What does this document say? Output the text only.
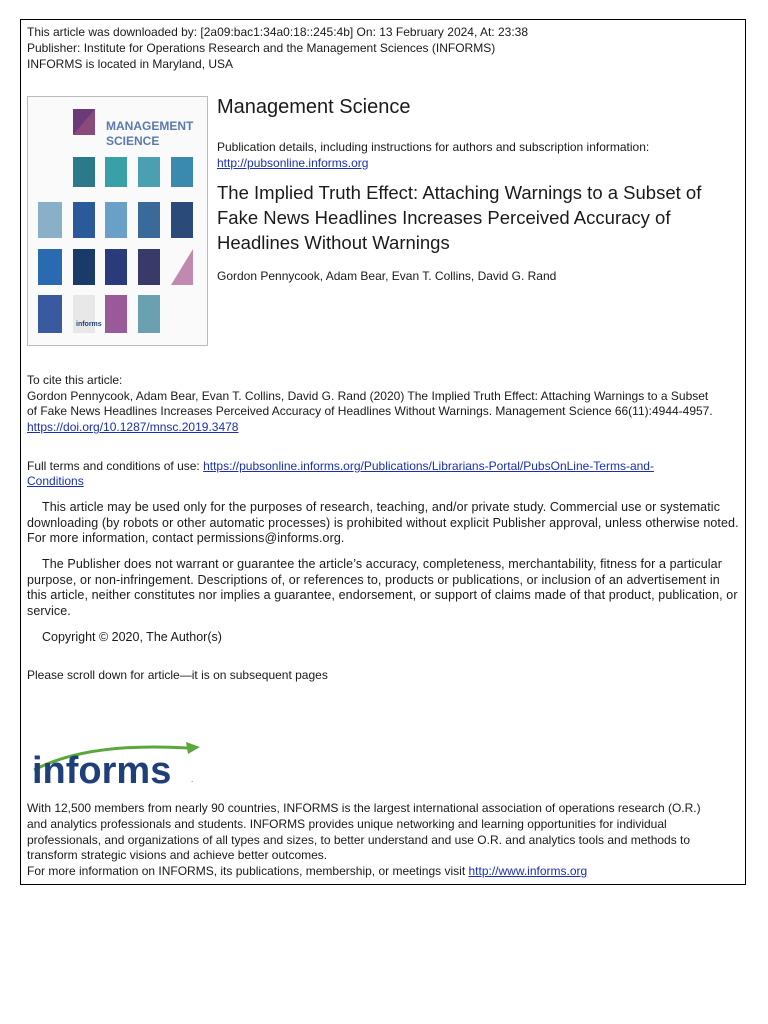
This article was downloaded by: [2a09:bac1:34a0:18::245:4b] On: 13 February 2024, At: 23:38
Publisher: Institute for Operations Research and the Management Sciences (INFORMS)
INFORMS is located in Maryland, USA
MANAGEMENT
SCIENCE
informs
Management Science
Publication details, including instructions for authors and subscription information:
http://pubsonline.informs.org
The Implied Truth Effect: Attaching Warnings to a Subset of Fake News Headlines Increases Perceived Accuracy of Headlines Without Warnings
Gordon Pennycook, Adam Bear, Evan T. Collins, David G. Rand
To cite this article:
Gordon Pennycook, Adam Bear, Evan T. Collins, David G. Rand (2020) The Implied Truth Effect: Attaching Warnings to a Subset
of Fake News Headlines Increases Perceived Accuracy of Headlines Without Warnings. Management Science 66(11):4944-4957.
https://doi.org/10.1287/mnsc.2019.3478
Full terms and conditions of use: https://pubsonline.informs.org/Publications/Librarians-Portal/PubsOnLine-Terms-and-
Conditions
This article may be used only for the purposes of research, teaching, and/or private study. Commercial use or systematic downloading (by robots or other automatic processes) is prohibited without explicit Publisher approval, unless otherwise noted. For more information, contact permissions@informs.org.
The Publisher does not warrant or guarantee the article’s accuracy, completeness, merchantability, fitness for a particular purpose, or non-infringement. Descriptions of, or references to, products or publications, or inclusion of an advertisement in this article, neither constitutes nor implies a guarantee, endorsement, or support of claims made of that product, publication, or service.
Copyright © 2020, The Author(s)
Please scroll down for article—it is on subsequent pages
informs .
With 12,500 members from nearly 90 countries, INFORMS is the largest international association of operations research (O.R.)
and analytics professionals and students. INFORMS provides unique networking and learning opportunities for individual
professionals, and organizations of all types and sizes, to better understand and use O.R. and analytics tools and methods to
transform strategic visions and achieve better outcomes.
For more information on INFORMS, its publications, membership, or meetings visit http://www.informs.org
